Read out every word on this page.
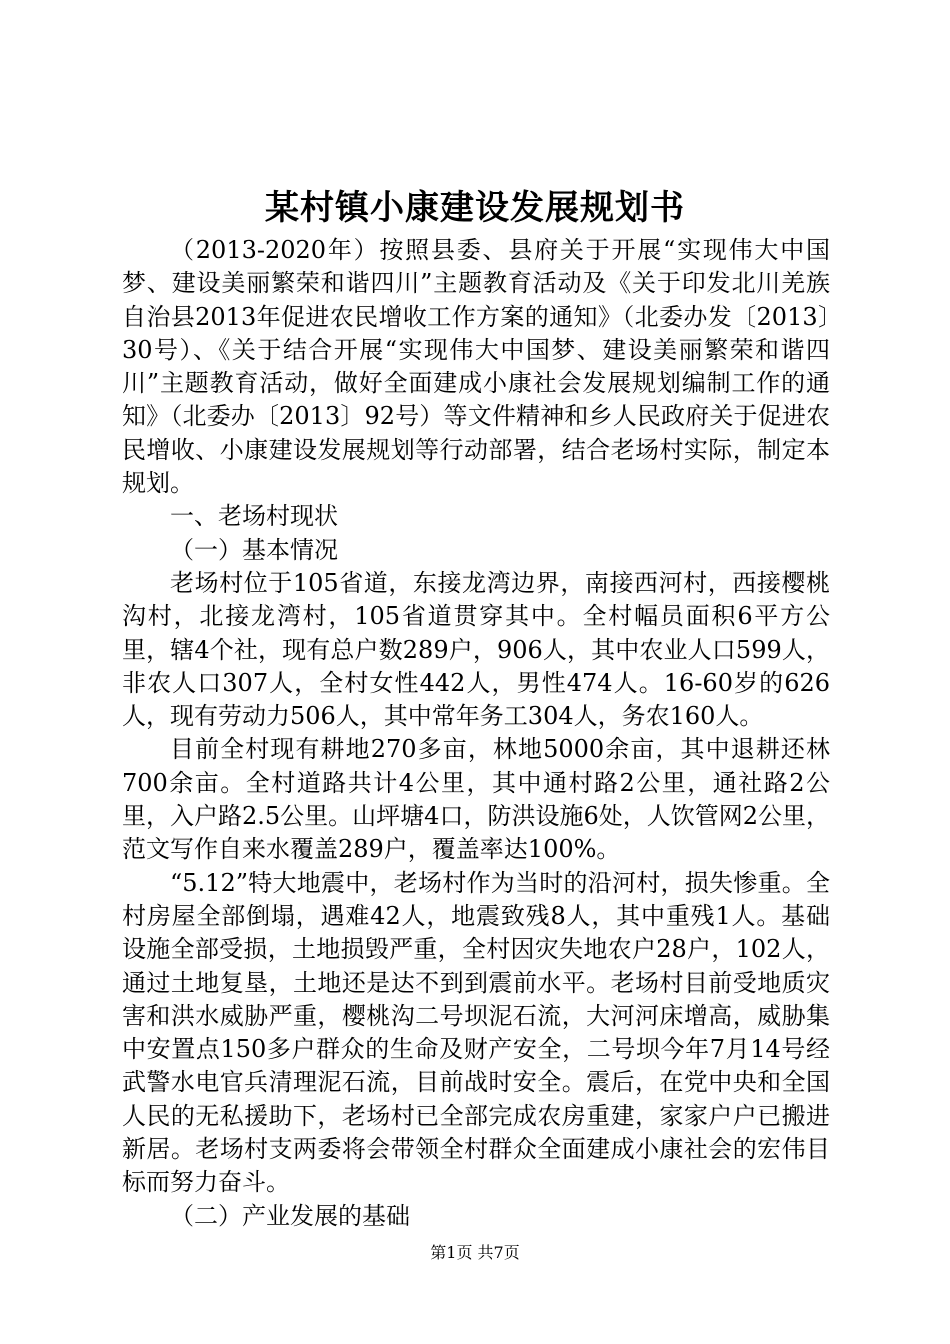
某村镇小康建设发展规划书

（2013-2020年）按照县委、县府关于开展“实现伟大中国梦、建设美丽繁荣和谐四川”主题教育活动及《关于印发北川羌族自治县2013年促进农民增收工作方案的通知》（北委办发〔2013〕30号）、《关于结合开展“实现伟大中国梦、建设美丽繁荣和谐四川”主题教育活动，做好全面建成小康社会发展规划编制工作的通知》（北委办〔2013〕92号）等文件精神和乡人民政府关于促进农民增收、小康建设发展规划等行动部署，结合老场村实际，制定本规划。

一、老场村现状

（一）基本情况

老场村位于105省道，东接龙湾边界，南接西河村，西接樱桃沟村，北接龙湾村，105省道贯穿其中。全村幅员面积6平方公里，辖4个社，现有总户数289户，906人，其中农业人口599人，非农人口307人，全村女性442人，男性474人。16-60岁的626人，现有劳动力506人，其中常年务工304人，务农160人。

目前全村现有耕地270多亩，林地5000余亩，其中退耕还林700余亩。全村道路共计4公里，其中通村路2公里，通社路2公里，入户路2.5公里。山坪塘4口，防洪设施6处，人饮管网2公里，范文写作自来水覆盖289户，覆盖率达100%。

“5.12”特大地震中，老场村作为当时的沿河村，损失惨重。全村房屋全部倒塌，遇难42人，地震致残8人，其中重残1人。基础设施全部受损，土地损毁严重，全村因灾失地农户28户，102人，通过土地复垦，土地还是达不到到震前水平。老场村目前受地质灾害和洪水威胁严重，樱桃沟二号坝泥石流，大河河床增高，威胁集中安置点150多户群众的生命及财产安全，二号坝今年7月14号经武警水电官兵清理泥石流，目前战时安全。震后，在党中央和全国人民的无私援助下，老场村已全部完成农房重建，家家户户已搬进新居。老场村支两委将会带领全村群众全面建成小康社会的宏伟目标而努力奋斗。

（二）产业发展的基础

第1页 共7页
